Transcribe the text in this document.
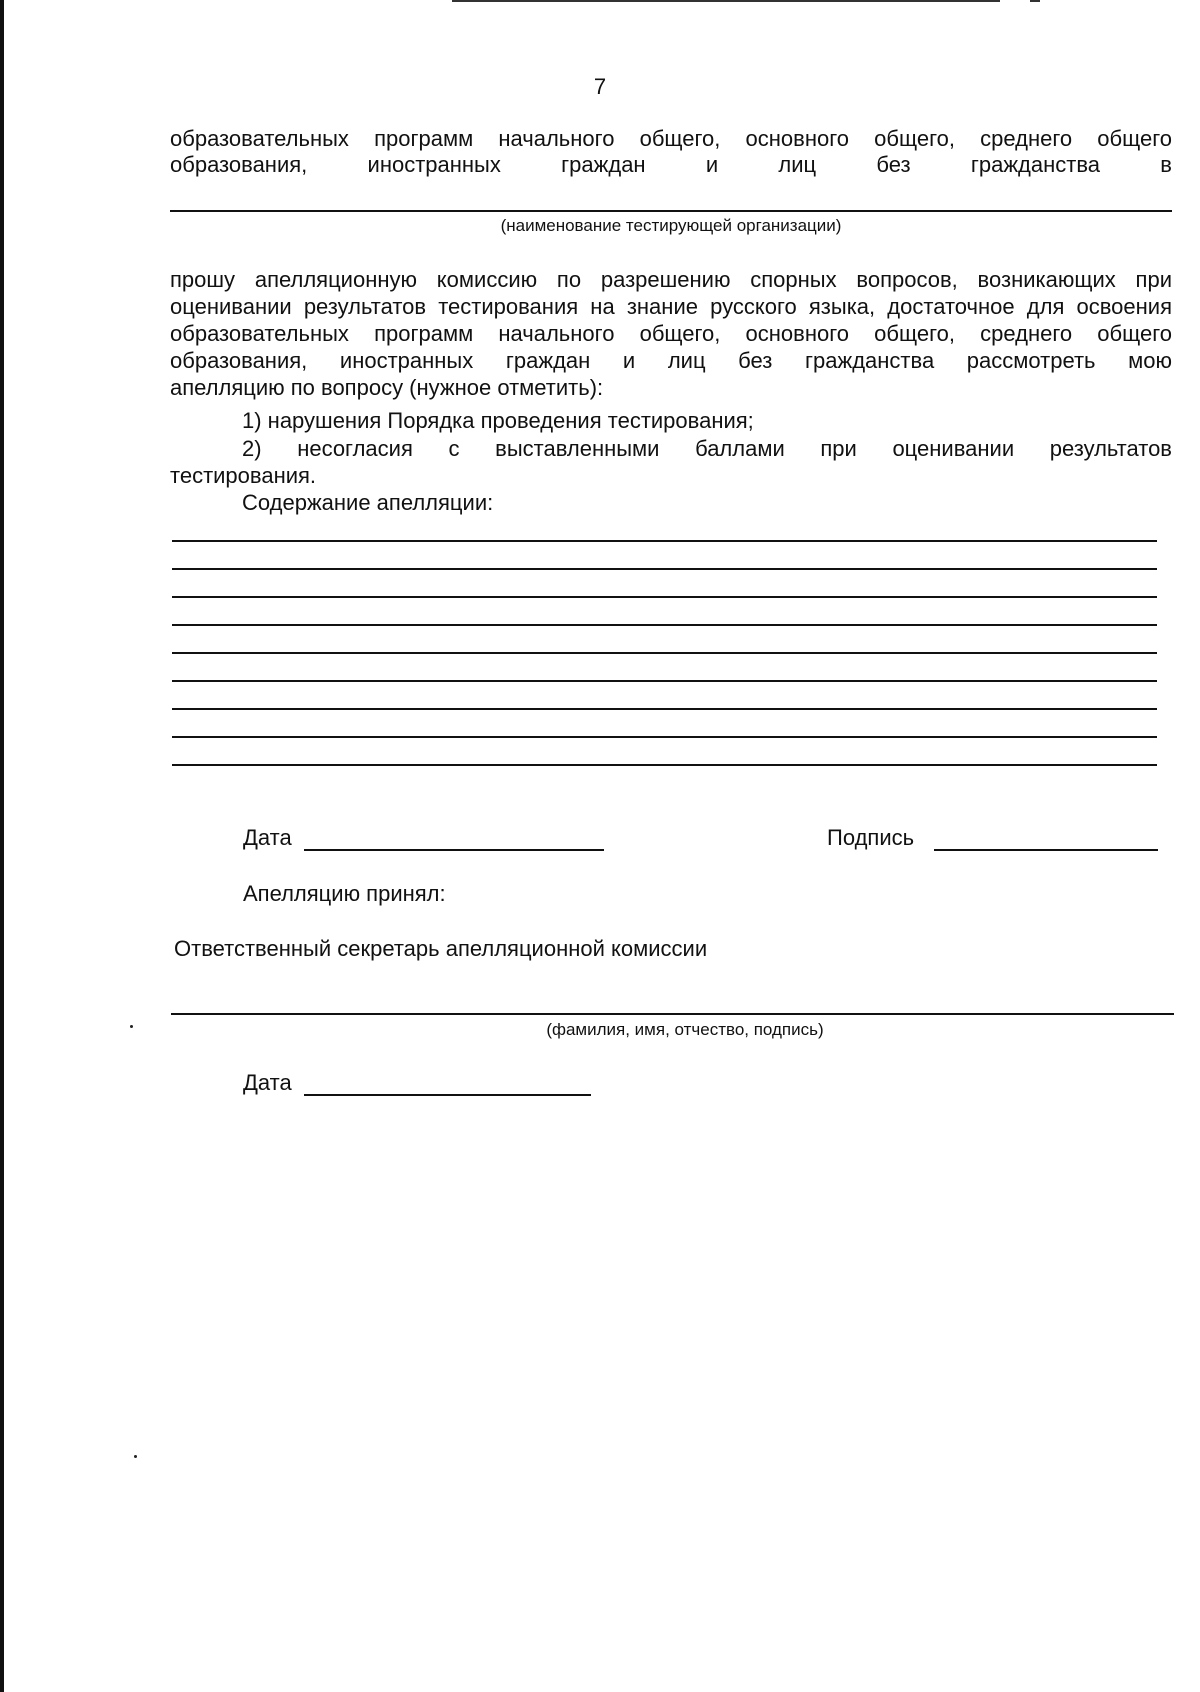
7
образовательных программ начального общего, основного общего, среднего общего
образования, иностранных граждан и лиц без гражданства в
(наименование тестирующей организации)
прошу апелляционную комиссию по разрешению спорных вопросов, возникающих при оценивании результатов тестирования на знание русского языка, достаточное для освоения образовательных программ начального общего, основного общего, среднего общего образования, иностранных граждан и лиц без гражданства рассмотреть мою
апелляцию по вопросу (нужное отметить):
1) нарушения Порядка проведения тестирования;
2) несогласия с выставленными баллами при оценивании результатов
тестирования.
Содержание апелляции:
Дата	Подпись
Апелляцию принял:
Ответственный секретарь апелляционной комиссии
(фамилия, имя, отчество, подпись)
Дата
